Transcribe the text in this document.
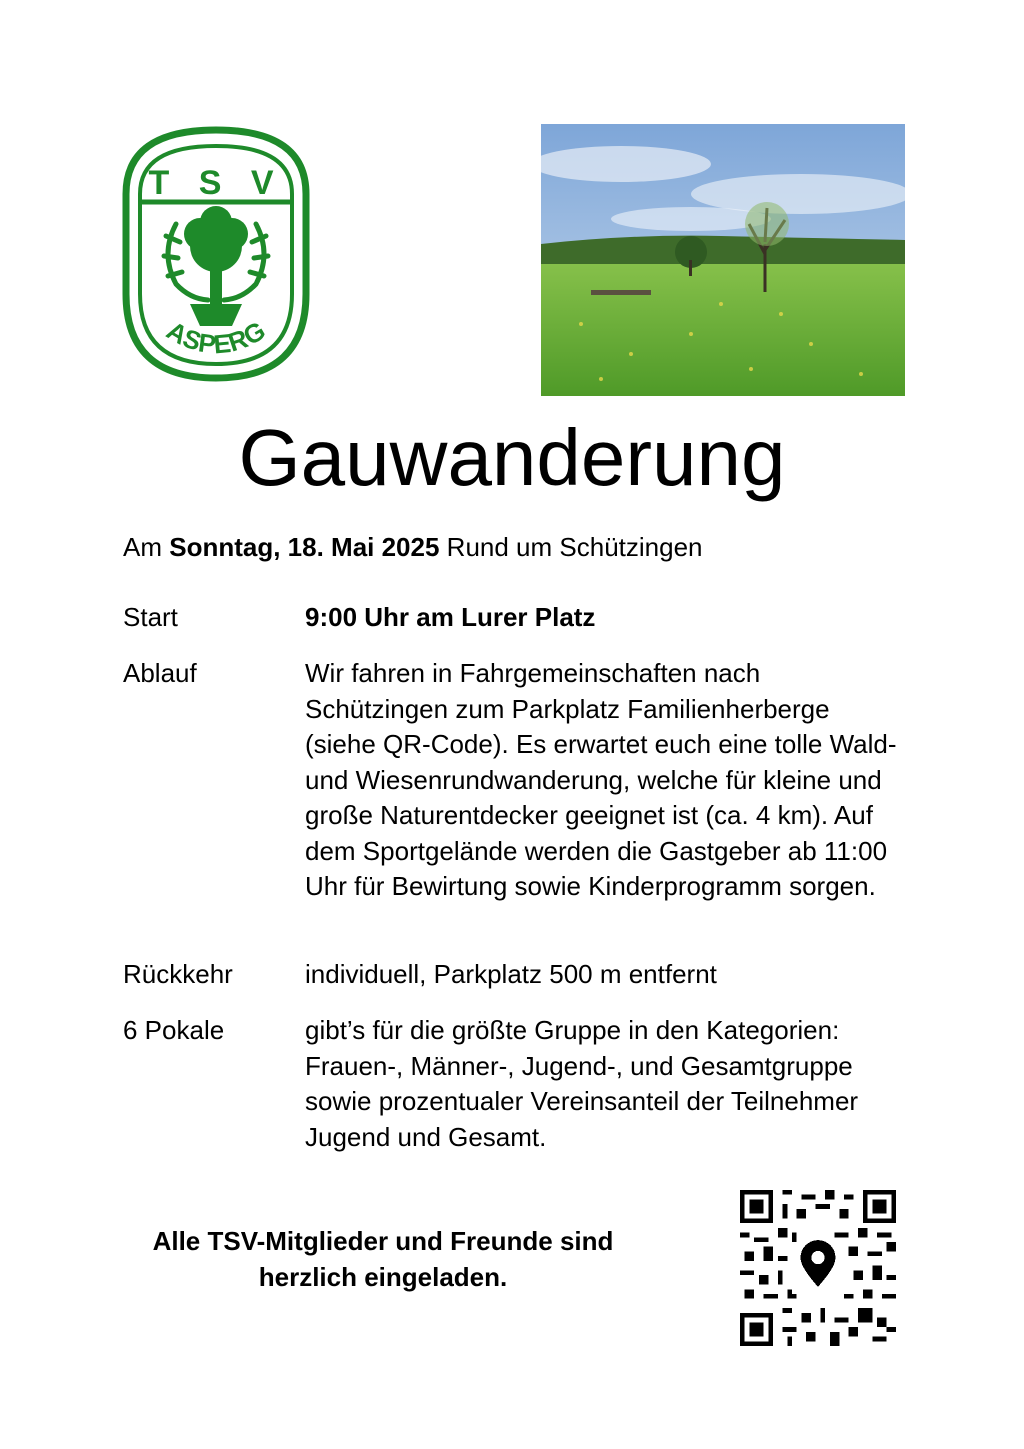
T S V
ASPERG
Gauwanderung
Am Sonntag, 18. Mai 2025 Rund um Schützingen
Start	9:00 Uhr am Lurer Platz
Ablauf	Wir fahren in Fahrgemeinschaften nach Schützingen zum Parkplatz Familienherberge (siehe QR-Code). Es erwartet euch eine tolle Wald- und Wiesenrundwanderung, welche für kleine und große Naturentdecker geeignet ist (ca. 4 km). Auf dem Sportgelände werden die Gastgeber ab 11:00 Uhr für Bewirtung sowie Kinderprogramm sorgen.
Rückkehr	individuell, Parkplatz 500 m entfernt
6 Pokale	gibt’s für die größte Gruppe in den Kategorien: Frauen-, Männer-, Jugend-, und Gesamtgruppe sowie prozentualer Vereinsanteil der Teilnehmer Jugend und Gesamt.
Alle TSV-Mitglieder und Freunde sind
herzlich eingeladen.
